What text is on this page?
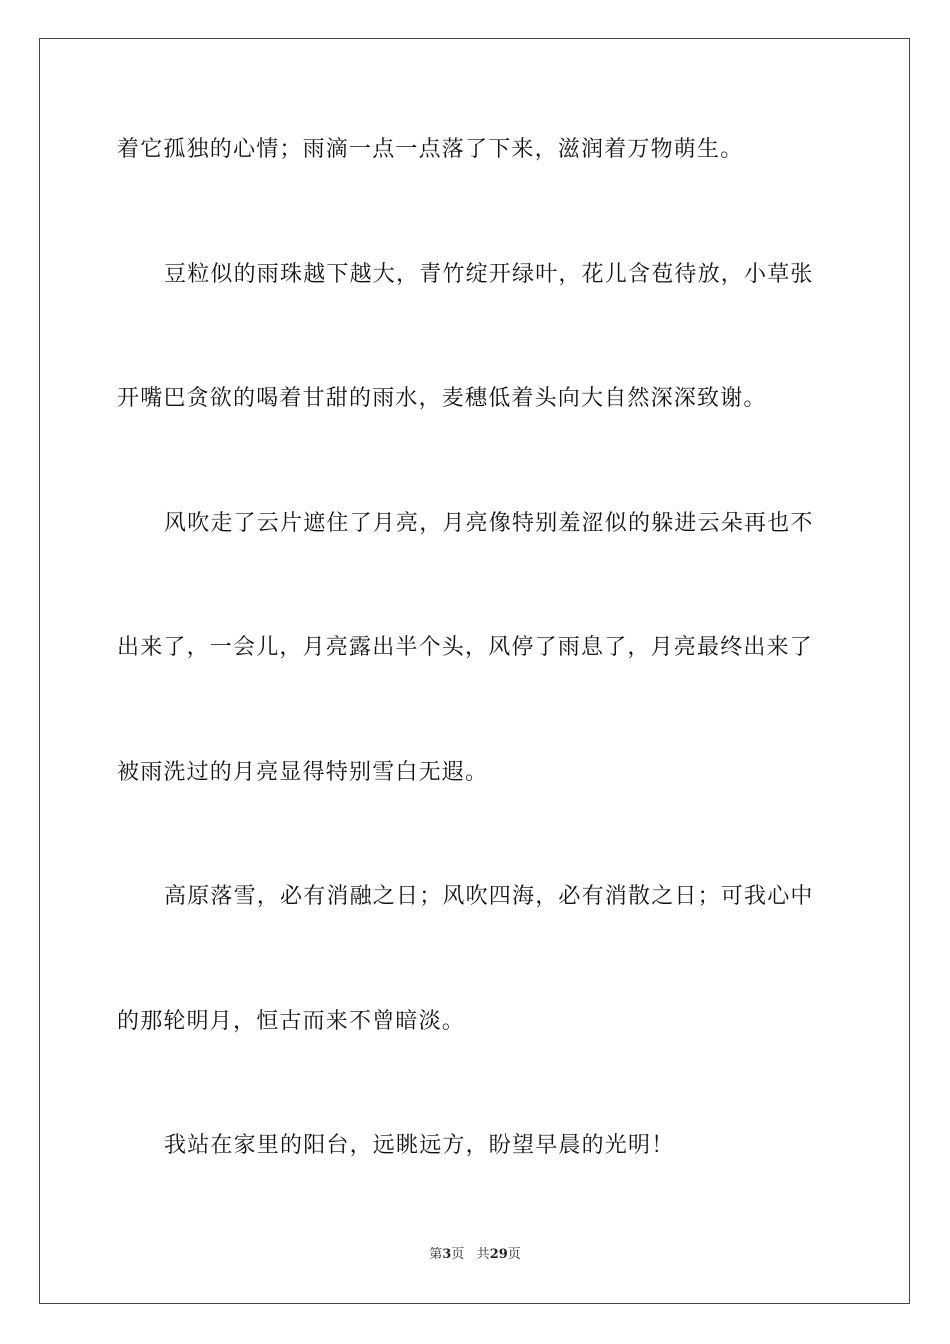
着它孤独的心情；雨滴一点一点落了下来，滋润着万物萌生。
豆粒似的雨珠越下越大，青竹绽开绿叶，花儿含苞待放，小草张
开嘴巴贪欲的喝着甘甜的雨水，麦穗低着头向大自然深深致谢。
风吹走了云片遮住了月亮，月亮像特别羞涩似的躲进云朵再也不
出来了，一会儿，月亮露出半个头，风停了雨息了，月亮最终出来了
被雨洗过的月亮显得特别雪白无遐。
高原落雪，必有消融之日；风吹四海，必有消散之日；可我心中
的那轮明月，恒古而来不曾暗淡。
我站在家里的阳台，远眺远方，盼望早晨的光明！
第3页 共29页
